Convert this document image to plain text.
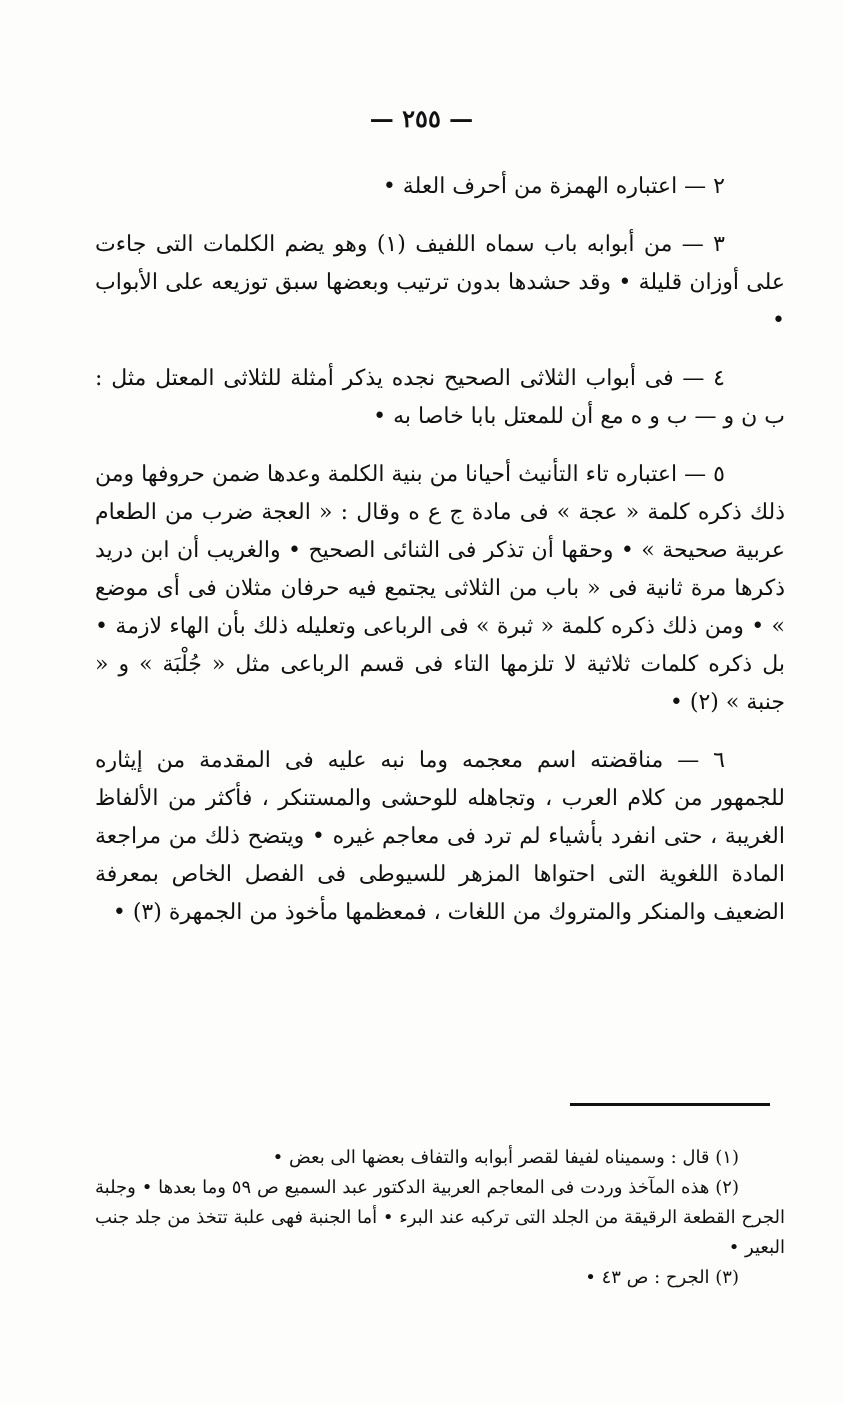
— ٢٥٥ —

٢ — اعتباره الهمزة من أحرف العلة •

٣ — من أبوابه باب سماه اللفيف (١) وهو يضم الكلمات التى جاءت على أوزان قليلة • وقد حشدها بدون ترتيب وبعضها سبق توزيعه على الأبواب •

٤ — فى أبواب الثلاثى الصحيح نجده يذكر أمثلة للثلاثى المعتل مثل : ب ن و — ب و ه مع أن للمعتل بابا خاصا به •

٥ — اعتباره تاء التأنيث أحيانا من بنية الكلمة وعدها ضمن حروفها ومن ذلك ذكره كلمة « عجة » فى مادة ج ع ه وقال : « العجة ضرب من الطعام عربية صحيحة » • وحقها أن تذكر فى الثنائى الصحيح • والغريب أن ابن دريد ذكرها مرة ثانية فى « باب من الثلاثى يجتمع فيه حرفان مثلان فى أى موضع » • ومن ذلك ذكره كلمة « ثبرة » فى الرباعى وتعليله ذلك بأن الهاء لازمة • بل ذكره كلمات ثلاثية لا تلزمها التاء فى قسم الرباعى مثل « جُلْبَة » و « جنبة » (٢) •

٦ — مناقضته اسم معجمه وما نبه عليه فى المقدمة من إيثاره للجمهور من كلام العرب ، وتجاهله للوحشى والمستنكر ، فأكثر من الألفاظ الغريبة ، حتى انفرد بأشياء لم ترد فى معاجم غيره • ويتضح ذلك من مراجعة المادة اللغوية التى احتواها المزهر للسيوطى فى الفصل الخاص بمعرفة الضعيف والمنكر والمتروك من اللغات ، فمعظمها مأخوذ من الجمهرة (٣) •

(١) قال : وسميناه لفيفا لقصر أبوابه والتفاف بعضها الى بعض •

(٢) هذه المآخذ وردت فى المعاجم العربية الدكتور عبد السميع ص ٥٩ وما بعدها • وجلبة الجرح القطعة الرقيقة من الجلد التى تركبه عند البرء • أما الجنبة فهى علبة تتخذ من جلد جنب البعير •

(٣) الجرح : ص ٤٣ •
